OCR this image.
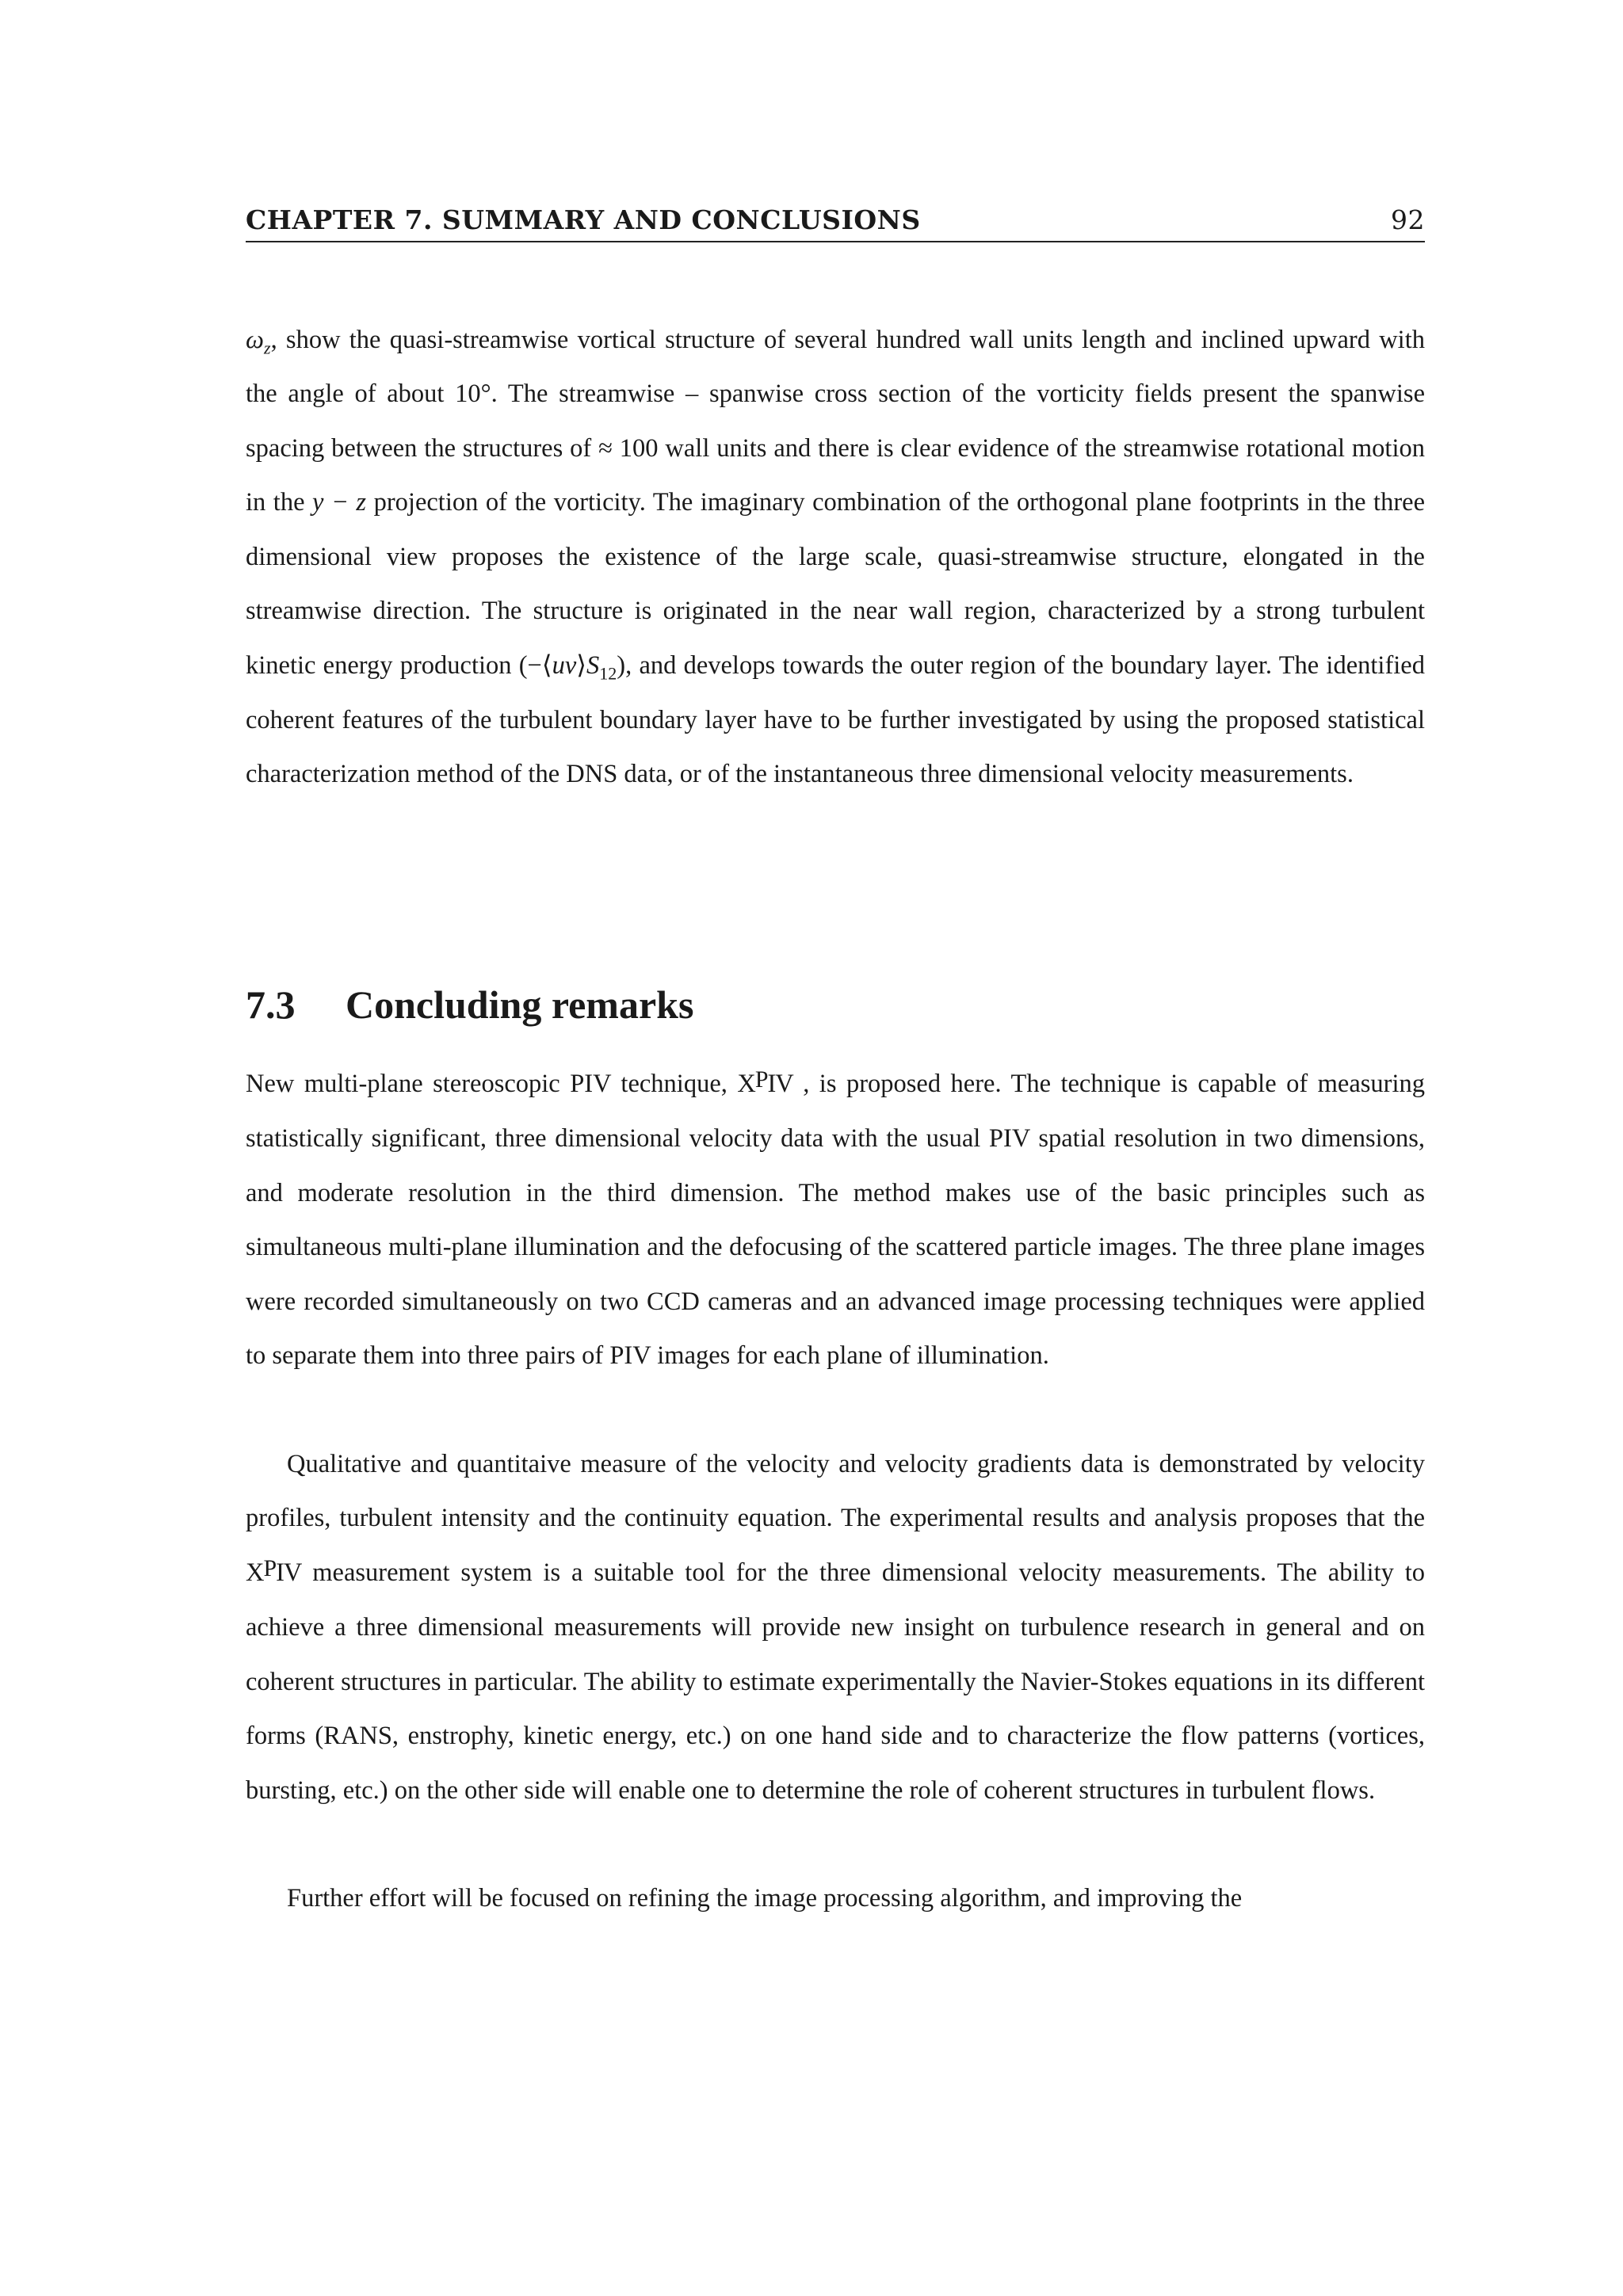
CHAPTER 7. SUMMARY AND CONCLUSIONS	92

$\omega_z$, show the quasi-streamwise vortical structure of several hundred wall units length and inclined upward with the angle of about 10°. The streamwise – spanwise cross section of the vorticity fields present the spanwise spacing between the structures of ≈ 100 wall units and there is clear evidence of the streamwise rotational motion in the y − z projection of the vorticity. The imaginary combination of the orthogonal plane footprints in the three dimensional view proposes the existence of the large scale, quasi-streamwise structure, elongated in the streamwise direction. The structure is originated in the near wall region, characterized by a strong turbulent kinetic energy production $(-⟨uv⟩S_{12})$, and develops towards the outer region of the boundary layer. The identified coherent features of the turbulent boundary layer have to be further investigated by using the proposed statistical characterization method of the DNS data, or of the instantaneous three dimensional velocity measurements.

7.3 Concluding remarks

New multi-plane stereoscopic PIV technique, XPIV , is proposed here. The technique is capable of measuring statistically significant, three dimensional velocity data with the usual PIV spatial resolution in two dimensions, and moderate resolution in the third dimension. The method makes use of the basic principles such as simultaneous multi-plane illumination and the defocusing of the scattered particle images. The three plane images were recorded simultaneously on two CCD cameras and an advanced image processing techniques were applied to separate them into three pairs of PIV images for each plane of illumination.

Qualitative and quantitaive measure of the velocity and velocity gradients data is demonstrated by velocity profiles, turbulent intensity and the continuity equation. The experimental results and analysis proposes that the XPIV measurement system is a suitable tool for the three dimensional velocity measurements. The ability to achieve a three dimensional measurements will provide new insight on turbulence research in general and on coherent structures in particular. The ability to estimate experimentally the Navier-Stokes equations in its different forms (RANS, enstrophy, kinetic energy, etc.) on one hand side and to characterize the flow patterns (vortices, bursting, etc.) on the other side will enable one to determine the role of coherent structures in turbulent flows.

Further effort will be focused on refining the image processing algorithm, and improving the
